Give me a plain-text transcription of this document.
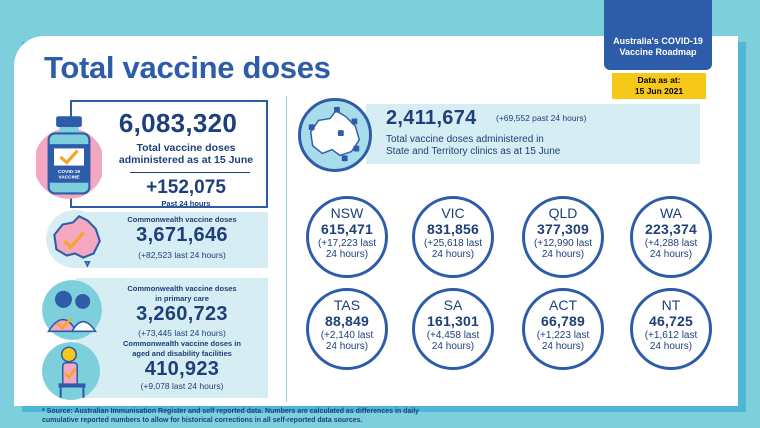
Total vaccine doses
Australia's COVID-19
Vaccine Roadmap
Data as at:
15 Jun 2021
6,083,320
Total vaccine doses
administered as at 15 June
+152,075
Past 24 hours
COVID-19
VACCINE
Commonwealth vaccine doses
3,671,646
(+82,523 last 24 hours)
Commonwealth vaccine doses
in primary care
3,260,723
(+73,445 last 24 hours)
Commonwealth vaccine doses in
aged and disability facilities
410,923
(+9,078 last 24 hours)
2,411,674 (+69,552 past 24 hours)
Total vaccine doses administered in
State and Territory clinics as at 15 June
NSW
615,471
(+17,223 last
24 hours)
VIC
831,856
(+25,618 last
24 hours)
QLD
377,309
(+12,990 last
24 hours)
WA
223,374
(+4,288 last
24 hours)
TAS
88,849
(+2,140 last
24 hours)
SA
161,301
(+4,458 last
24 hours)
ACT
66,789
(+1,223 last
24 hours)
NT
46,725
(+1,612 last
24 hours)
* Source: Australian Immunisation Register and self reported data. Numbers are calculated as differences in daily
cumulative reported numbers to allow for historical corrections in all self-reported data sources.
